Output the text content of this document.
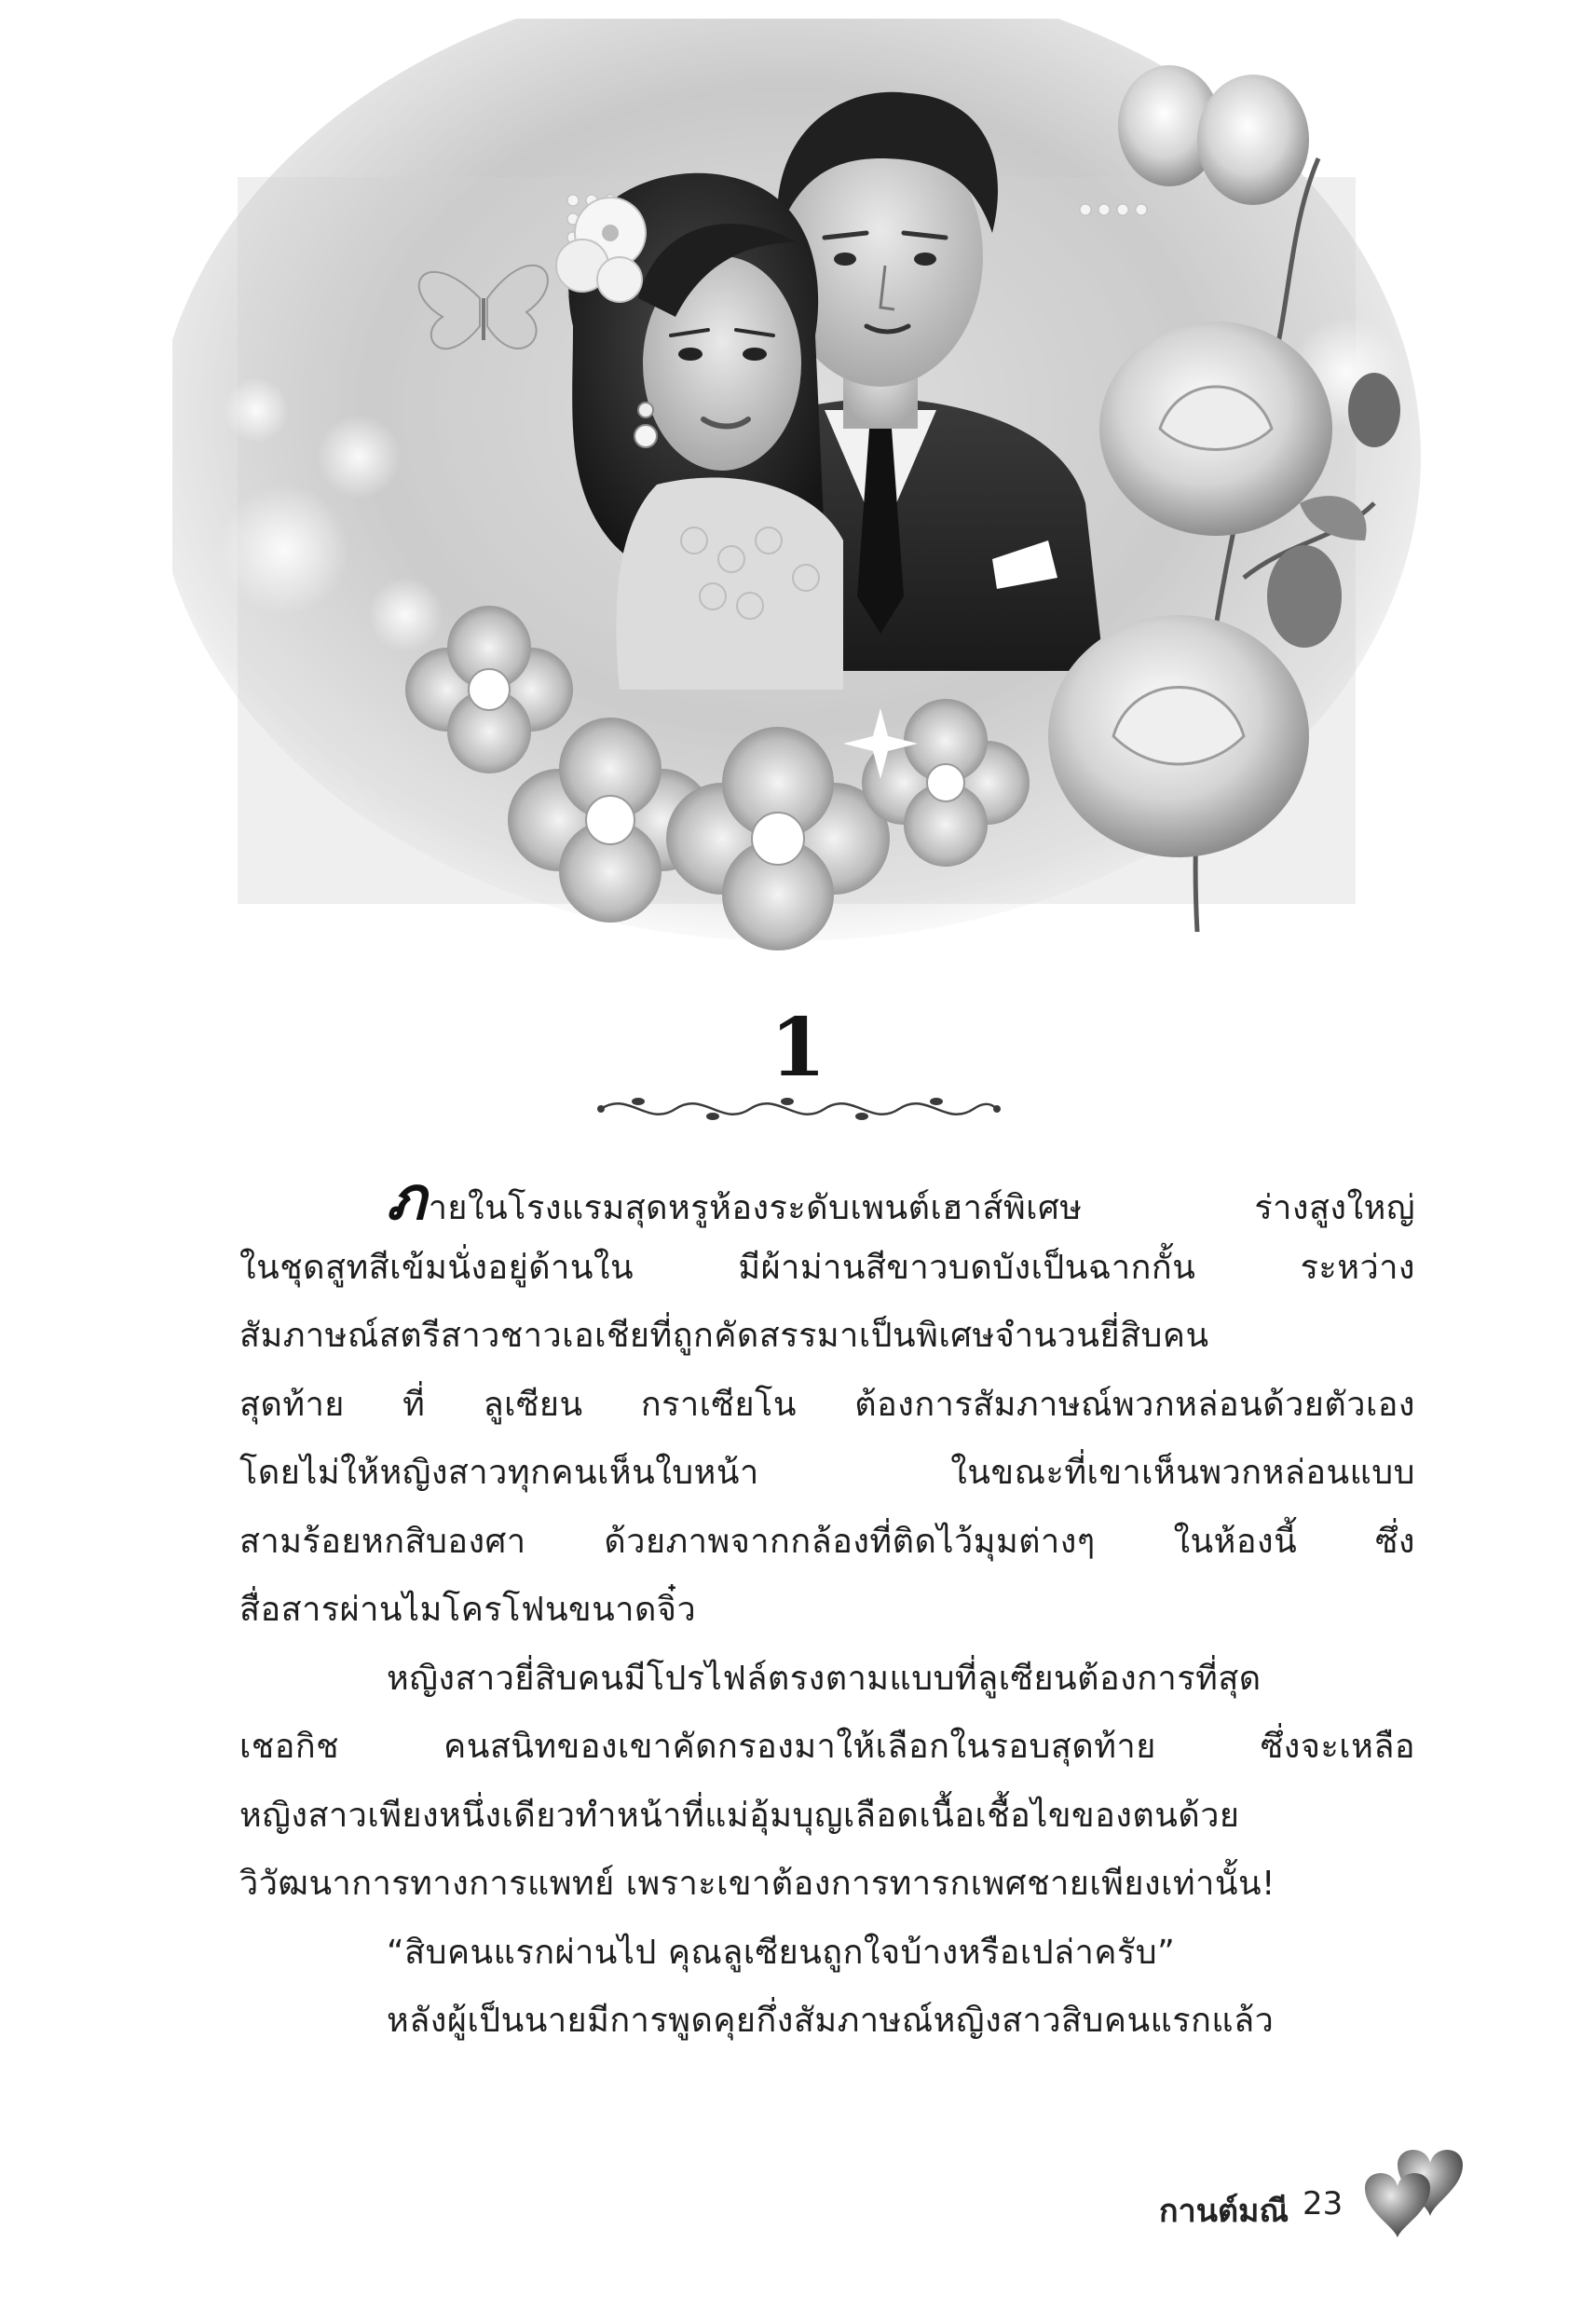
1
ภายในโรงแรมสุดหรูห้องระดับเพนต์เฮาส์พิเศษ ร่างสูงใหญ่
ในชุดสูทสีเข้มนั่งอยู่ด้านใน มีผ้าม่านสีขาวบดบังเป็นฉากกั้น ระหว่าง
สัมภาษณ์สตรีสาวชาวเอเชียที่ถูกคัดสรรมาเป็นพิเศษจำนวนยี่สิบคน
สุดท้าย ที่ ลูเซียน กราเซียโน ต้องการสัมภาษณ์พวกหล่อนด้วยตัวเอง
โดยไม่ให้หญิงสาวทุกคนเห็นใบหน้า ในขณะที่เขาเห็นพวกหล่อนแบบ
สามร้อยหกสิบองศา ด้วยภาพจากกล้องที่ติดไว้มุมต่างๆ ในห้องนี้ ซึ่ง
สื่อสารผ่านไมโครโฟนขนาดจิ๋ว
หญิงสาวยี่สิบคนมีโปรไฟล์ตรงตามแบบที่ลูเซียนต้องการที่สุด
เชอกิช คนสนิทของเขาคัดกรองมาให้เลือกในรอบสุดท้าย ซึ่งจะเหลือ
หญิงสาวเพียงหนึ่งเดียวทำหน้าที่แม่อุ้มบุญเลือดเนื้อเชื้อไขของตนด้วย
วิวัฒนาการทางการแพทย์ เพราะเขาต้องการทารกเพศชายเพียงเท่านั้น!
“สิบคนแรกผ่านไป คุณลูเซียนถูกใจบ้างหรือเปล่าครับ”
หลังผู้เป็นนายมีการพูดคุยกึ่งสัมภาษณ์หญิงสาวสิบคนแรกแล้ว
กานต์มณี 23
